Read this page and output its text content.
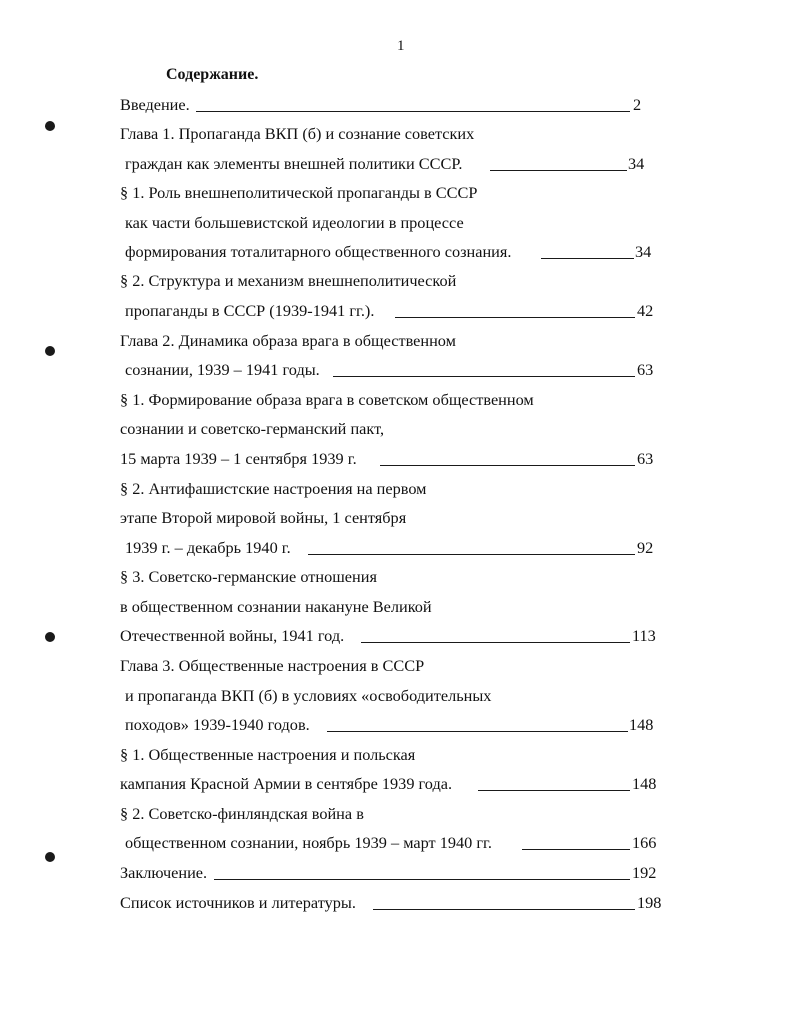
1
Содержание.
Введение.	2
Глава 1. Пропаганда ВКП (б) и сознание советских
граждан как элементы внешней политики СССР.	34
§ 1. Роль внешнеполитической пропаганды в СССР
как части большевистской идеологии в процессе
формирования тоталитарного общественного сознания.	34
§ 2. Структура и механизм внешнеполитической
пропаганды в СССР (1939-1941 гг.).	42
Глава 2. Динамика образа врага в общественном
сознании, 1939 – 1941 годы.	63
§ 1. Формирование образа врага в советском общественном
сознании и советско-германский пакт,
15 марта 1939 – 1 сентября 1939 г.	63
§ 2. Антифашистские настроения на первом
этапе Второй мировой войны, 1 сентября
1939 г. – декабрь 1940 г.	92
§ 3. Советско-германские отношения
в общественном сознании накануне Великой
Отечественной войны, 1941 год.	113
Глава 3. Общественные настроения в СССР
и пропаганда ВКП (б) в условиях «освободительных
походов» 1939-1940 годов.	148
§ 1. Общественные настроения и польская
кампания Красной Армии в сентябре 1939 года.	148
§ 2. Советско-финляндская война в
общественном сознании, ноябрь 1939 – март 1940 гг.	166
Заключение.	192
Список источников и литературы.	198
